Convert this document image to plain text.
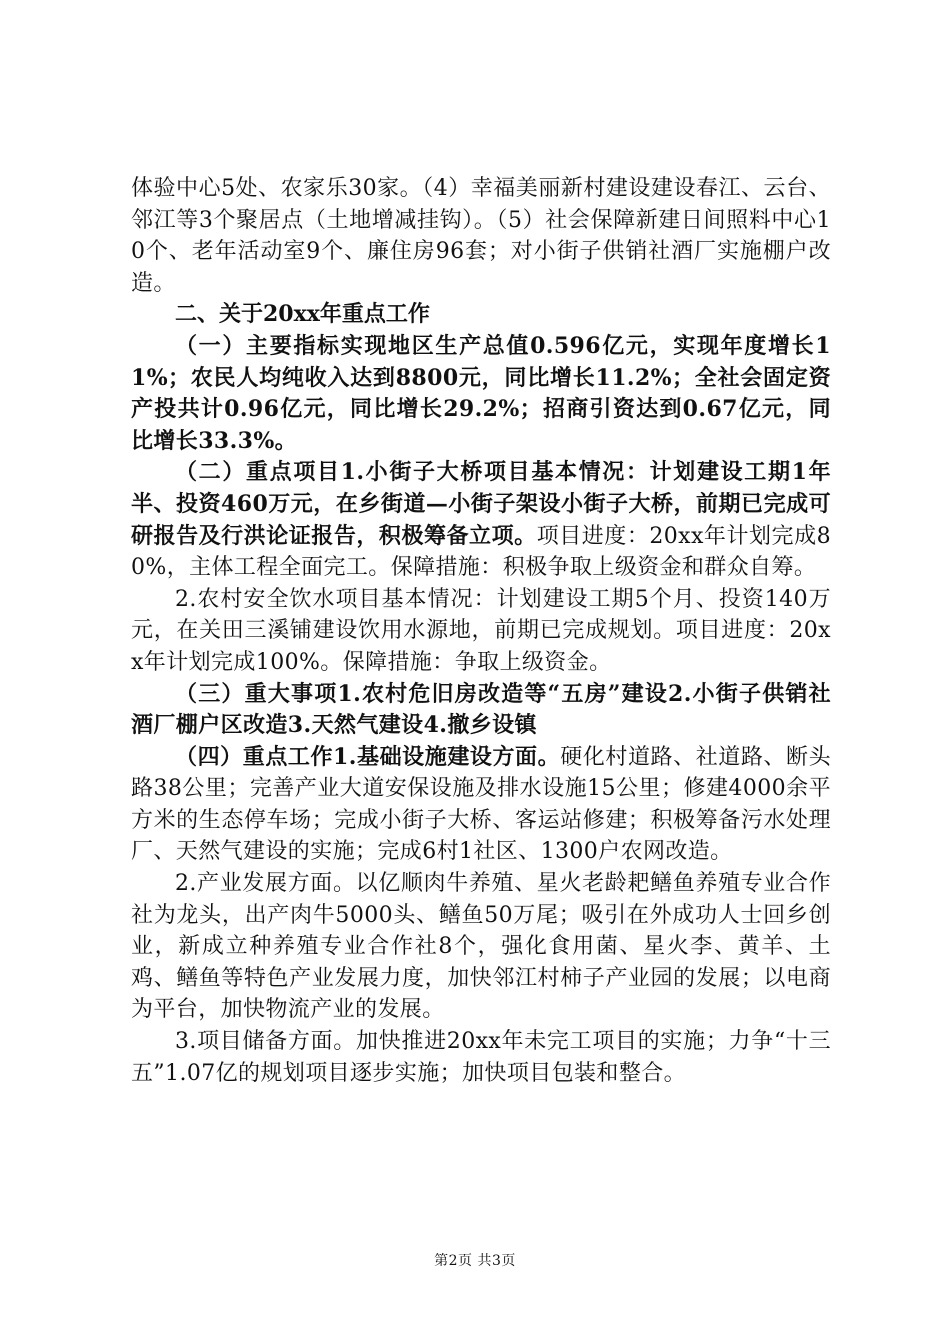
体验中心5处、农家乐30家。（4）幸福美丽新村建设建设春江、云台、邻江等3个聚居点（土地增减挂钩）。（5）社会保障新建日间照料中心10个、老年活动室9个、廉住房96套；对小街子供销社酒厂实施棚户改造。

二、关于20xx年重点工作

（一）主要指标实现地区生产总值0.596亿元，实现年度增长11%；农民人均纯收入达到8800元，同比增长11.2%；全社会固定资产投共计0.96亿元，同比增长29.2%；招商引资达到0.67亿元，同比增长33.3%。

（二）重点项目1.小街子大桥项目基本情况：计划建设工期1年半、投资460万元，在乡街道—小街子架设小街子大桥，前期已完成可研报告及行洪论证报告，积极筹备立项。项目进度：20xx年计划完成80%，主体工程全面完工。保障措施：积极争取上级资金和群众自筹。

2.农村安全饮水项目基本情况：计划建设工期5个月、投资140万元，在关田三溪铺建设饮用水源地，前期已完成规划。项目进度：20xx年计划完成100%。保障措施：争取上级资金。

（三）重大事项1.农村危旧房改造等“五房”建设2.小街子供销社酒厂棚户区改造3.天然气建设4.撤乡设镇

（四）重点工作1.基础设施建设方面。硬化村道路、社道路、断头路38公里；完善产业大道安保设施及排水设施15公里；修建4000余平方米的生态停车场；完成小街子大桥、客运站修建；积极筹备污水处理厂、天然气建设的实施；完成6村1社区、1300户农网改造。

2.产业发展方面。以亿顺肉牛养殖、星火老龄耙鳝鱼养殖专业合作社为龙头，出产肉牛5000头、鳝鱼50万尾；吸引在外成功人士回乡创业，新成立种养殖专业合作社8个，强化食用菌、星火李、黄羊、土鸡、鳝鱼等特色产业发展力度，加快邻江村柿子产业园的发展；以电商为平台，加快物流产业的发展。

3.项目储备方面。加快推进20xx年未完工项目的实施；力争“十三五”1.07亿的规划项目逐步实施；加快项目包装和整合。

第2页 共3页
